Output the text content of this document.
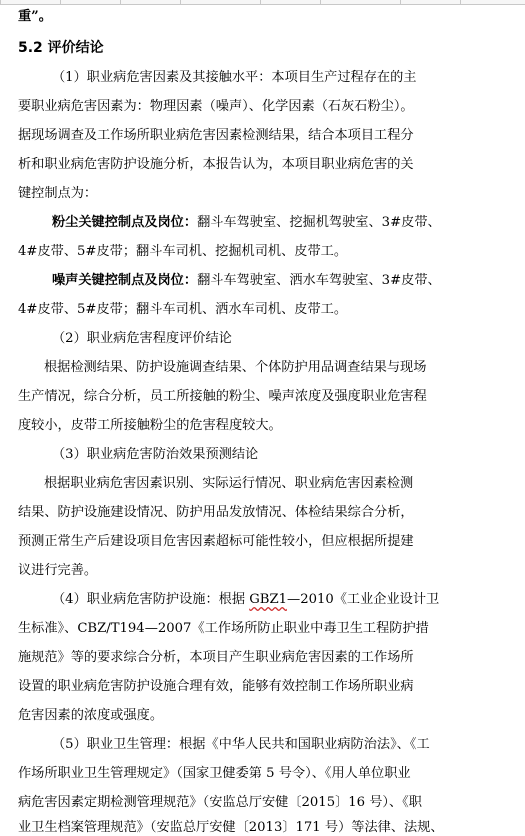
重”。
5.2 评价结论
（1）职业病危害因素及其接触水平：本项目生产过程存在的主
要职业病危害因素为：物理因素（噪声）、化学因素（石灰石粉尘）。
据现场调查及工作场所职业病危害因素检测结果，结合本项目工程分
析和职业病危害防护设施分析，本报告认为，本项目职业病危害的关
键控制点为：
粉尘关键控制点及岗位：翻斗车驾驶室、挖掘机驾驶室、3#皮带、
4#皮带、5#皮带；翻斗车司机、挖掘机司机、皮带工。
噪声关键控制点及岗位：翻斗车驾驶室、洒水车驾驶室、3#皮带、
4#皮带、5#皮带；翻斗车司机、洒水车司机、皮带工。
（2）职业病危害程度评价结论
根据检测结果、防护设施调查结果、个体防护用品调查结果与现场
生产情况，综合分析，员工所接触的粉尘、噪声浓度及强度职业危害程
度较小，皮带工所接触粉尘的危害程度较大。
（3）职业病危害防治效果预测结论
根据职业病危害因素识别、实际运行情况、职业病危害因素检测
结果、防护设施建设情况、防护用品发放情况、体检结果综合分析，
预测正常生产后建设项目危害因素超标可能性较小，但应根据所提建
议进行完善。
（4）职业病危害防护设施：根据 GBZ1—2010《工业企业设计卫
生标准》、CBZ/T194—2007《工作场所防止职业中毒卫生工程防护措
施规范》等的要求综合分析，本项目产生职业病危害因素的工作场所
设置的职业病危害防护设施合理有效，能够有效控制工作场所职业病
危害因素的浓度或强度。
（5）职业卫生管理：根据《中华人民共和国职业病防治法》、《工
作场所职业卫生管理规定》（国家卫健委第 5 号令）、《用人单位职业
病危害因素定期检测管理规范》（安监总厅安健〔2015〕16 号）、《职
业卫生档案管理规范》（安监总厅安健〔2013〕171 号）等法律、法规、
